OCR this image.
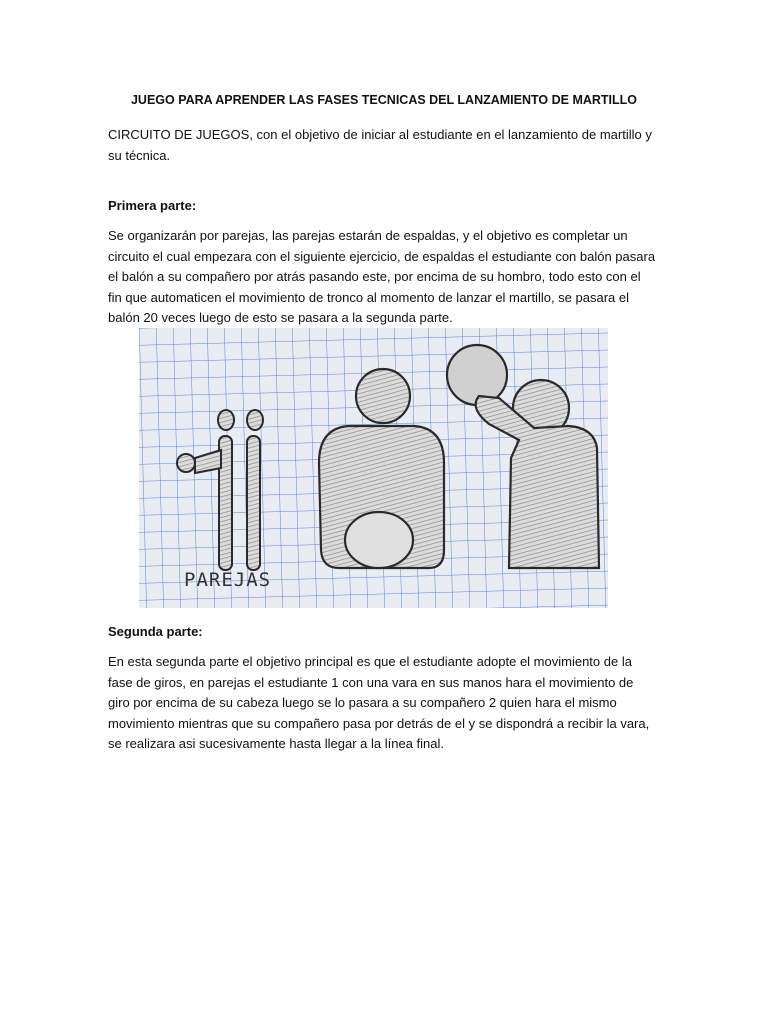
JUEGO PARA APRENDER LAS FASES TECNICAS DEL LANZAMIENTO DE MARTILLO

CIRCUITO DE JUEGOS, con el objetivo de iniciar al estudiante en el lanzamiento de martillo y su técnica.

Primera parte:

Se organizarán por parejas, las parejas estarán de espaldas, y el objetivo es completar un circuito el cual empezara con el siguiente ejercicio, de espaldas el estudiante con balón pasara el balón a su compañero por atrás pasando este, por encima de su hombro, todo esto con el fin que automaticen el movimiento de tronco al momento de lanzar el martillo, se pasara el balón 20 veces luego de esto se pasara a la segunda parte.

PAREJAS

Segunda parte:

En esta segunda parte el objetivo principal es que el estudiante adopte el movimiento de la fase de giros, en parejas el estudiante 1 con una vara en sus manos hara el movimiento de giro por encima de su cabeza luego se lo pasara a su compañero 2 quien hara el mismo movimiento mientras que su compañero pasa por detrás de el y se dispondrá a recibir la vara, se realizara asi sucesivamente hasta llegar a la línea final.
